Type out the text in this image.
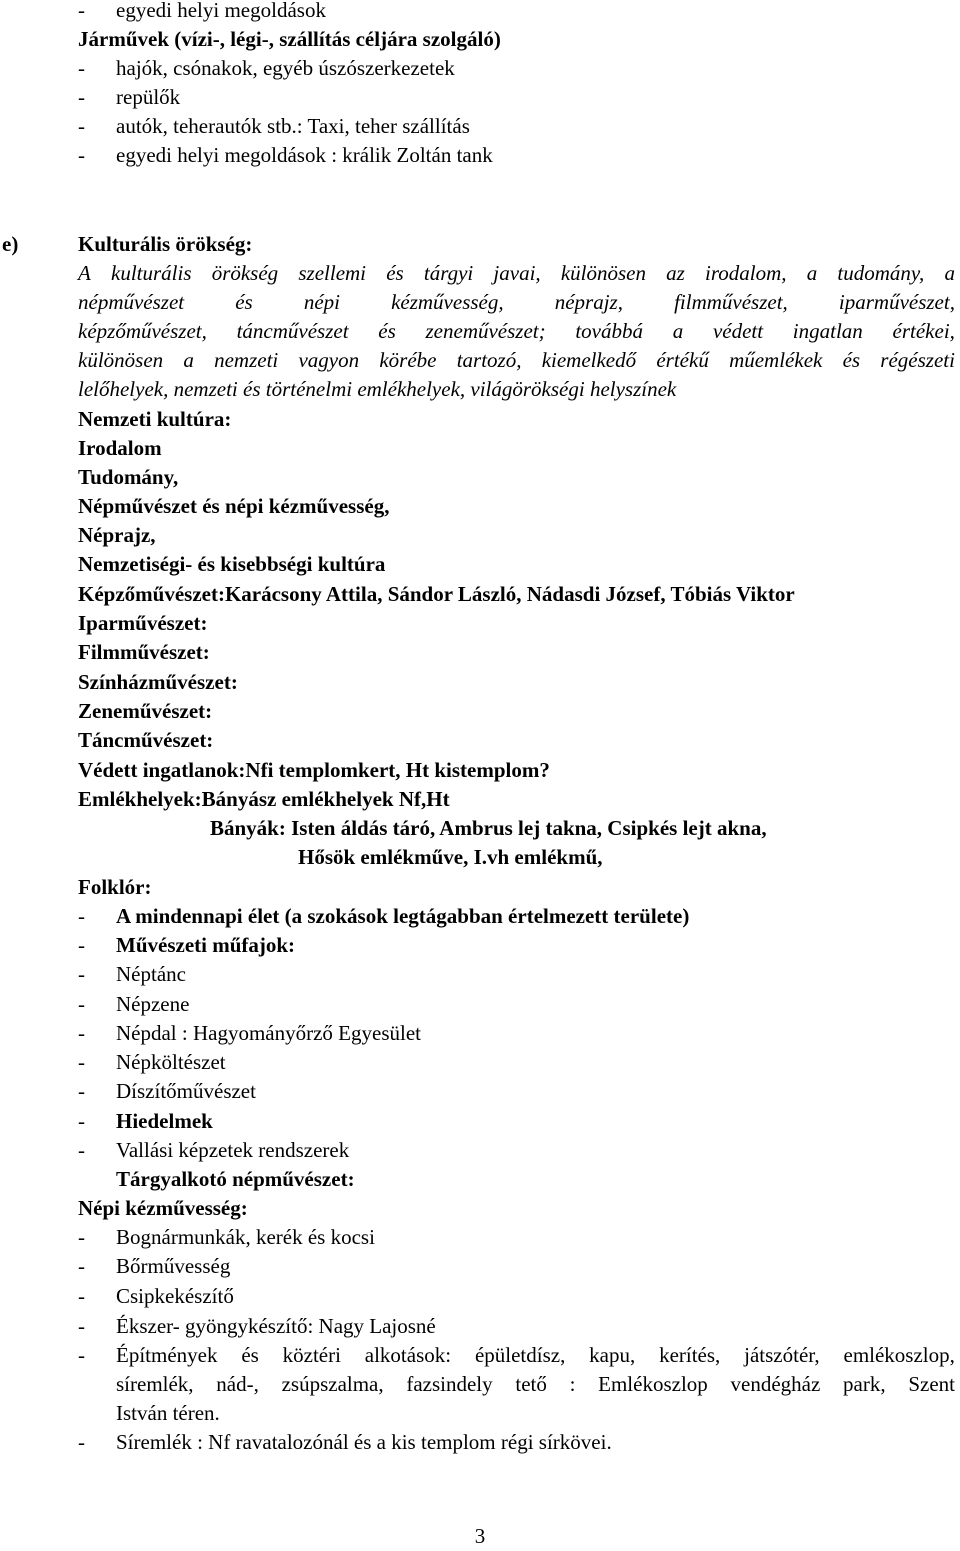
- egyedi helyi megoldások
Járművek (vízi-, légi-, szállítás céljára szolgáló)
- hajók, csónakok, egyéb úszószerkezetek
- repülők
- autók, teherautók stb.: Taxi, teher szállítás
- egyedi helyi megoldások : králik Zoltán tank
e)	Kulturális örökség:
A kulturális örökség szellemi és tárgyi javai, különösen az irodalom, a tudomány, a
népművészet és népi kézművesség, néprajz, filmművészet, iparművészet,
képzőművészet, táncművészet és zeneművészet; továbbá a védett ingatlan értékei,
különösen a nemzeti vagyon körébe tartozó, kiemelkedő értékű műemlékek és régészeti
lelőhelyek, nemzeti és történelmi emlékhelyek, világörökségi helyszínek
Nemzeti kultúra:
Irodalom
Tudomány,
Népművészet és népi kézművesség,
Néprajz,
Nemzetiségi- és kisebbségi kultúra
Képzőművészet:Karácsony Attila, Sándor László, Nádasdi József, Tóbiás Viktor
Iparművészet:
Filmművészet:
Színházművészet:
Zeneművészet:
Táncművészet:
Védett ingatlanok:Nfi templomkert, Ht kistemplom?
Emlékhelyek:Bányász emlékhelyek Nf,Ht
Bányák: Isten áldás táró, Ambrus lej takna, Csipkés lejt akna,
Hősök emlékműve, I.vh emlékmű,
Folklór:
- A mindennapi élet (a szokások legtágabban értelmezett területe)
- Művészeti műfajok:
- Néptánc
- Népzene
- Népdal : Hagyományőrző Egyesület
- Népköltészet
- Díszítőművészet
- Hiedelmek
- Vallási képzetek rendszerek
Tárgyalkotó népművészet:
Népi kézművesség:
- Bognármunkák, kerék és kocsi
- Bőrművesség
- Csipkekészítő
- Ékszer- gyöngykészítő: Nagy Lajosné
- Építmények és köztéri alkotások: épületdísz, kapu, kerítés, játszótér, emlékoszlop,
síremlék, nád-, zsúpszalma, fazsindely tető : Emlékoszlop vendégház park, Szent
István téren.
- Síremlék : Nf ravatalozónál és a kis templom régi sírkövei.
3
